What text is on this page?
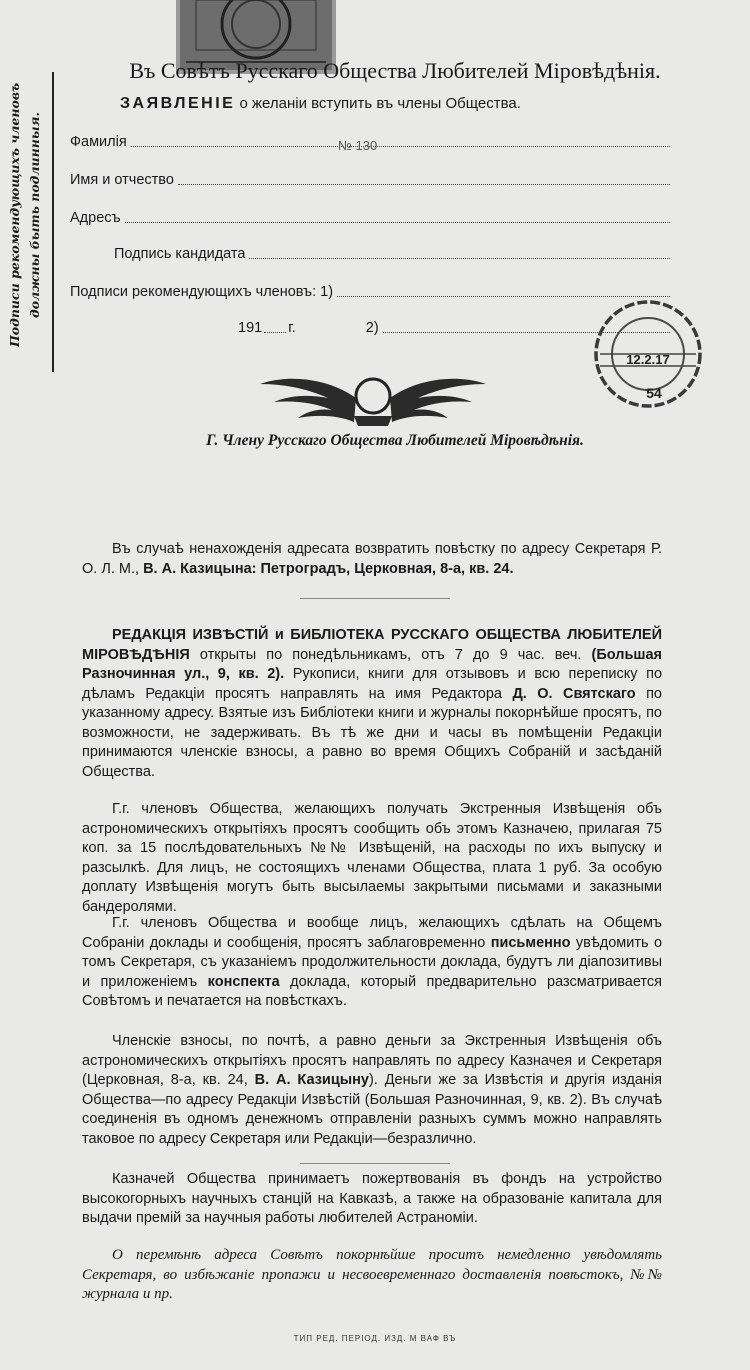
Подписи рекомендующихъ членовъ должны быть подлинныя.

Въ Совѣтъ Русскаго Общества Любителей Міровѣдѣнія.

ЗАЯВЛЕНІЕ о желаніи вступить въ члены Общества.

Фамилія	№ 130
Имя и отчество
Адресъ
Подпись кандидата
Подписи рекомендующихъ членовъ: 1)
191 г.	2)
12.2.17
54

Г. Члену Русскаго Общества Любителей Міровѣдѣнія.

Въ случаѣ ненахожденія адресата возвратить повѣстку по адресу Секретаря Р. О. Л. М., В. А. Казицына: Петроградъ, Церковная, 8-а, кв. 24.

РЕДАКЦІЯ ИЗВѢСТІЙ и БИБЛІОТЕКА РУССКАГО ОБЩЕСТВА ЛЮБИТЕЛЕЙ МІРОВѢДѢНІЯ открыты по понедѣльникамъ, отъ 7 до 9 час. веч. (Большая Разночинная ул., 9, кв. 2). Рукописи, книги для отзывовъ и всю переписку по дѣламъ Редакціи просятъ направлять на имя Редактора Д. О. Святскаго по указанному адресу. Взятые изъ Библіотеки книги и журналы покорнѣйше просятъ, по возможности, не задерживать. Въ тѣ же дни и часы въ помѣщеніи Редакціи принимаются членскіе взносы, а равно во время Общихъ Собраній и засѣданій Общества.

Г.г. членовъ Общества, желающихъ получать Экстренныя Извѣщенія объ астрономическихъ открытіяхъ просятъ сообщить объ этомъ Казначею, прилагая 75 коп. за 15 послѣдовательныхъ №№ Извѣщеній, на расходы по ихъ выпуску и разсылкѣ. Для лицъ, не состоящихъ членами Общества, плата 1 руб. За особую доплату Извѣщенія могутъ быть высылаемы закрытыми письмами и заказными бандеролями.

Г.г. членовъ Общества и вообще лицъ, желающихъ сдѣлать на Общемъ Собраніи доклады и сообщенія, просятъ заблаговременно письменно увѣдомить о томъ Секретаря, съ указаніемъ продолжительности доклада, будутъ ли діапозитивы и приложеніемъ конспекта доклада, который предварительно разсматривается Совѣтомъ и печатается на повѣсткахъ.

Членскіе взносы, по почтѣ, а равно деньги за Экстренныя Извѣщенія объ астрономическихъ открытіяхъ просятъ направлять по адресу Казначея и Секретаря (Церковная, 8-а, кв. 24, В. А. Казицыну). Деньги же за Извѣстія и другія изданія Общества—по адресу Редакціи Извѣстій (Большая Разночинная, 9, кв. 2). Въ случаѣ соединенія въ одномъ денежномъ отправленіи разныхъ суммъ можно направлять таковое по адресу Секретаря или Редакціи—безразлично.

Казначей Общества принимаетъ пожертвованія въ фондъ на устройство высокогорныхъ научныхъ станцій на Кавказѣ, а также на образованіе капитала для выдачи премій за научныя работы любителей Астраноміи.

О перемѣнѣ адреса Совѣтъ покорнѣйше проситъ немедленно увѣдомлять Секретаря, во избѣжаніе пропажи и несвоевременнаго доставленія повѣстокъ, №№ журнала и пр.

ТИП РЕД. ПЕРІОД. ИЗД. М ВАФ ВЪ
